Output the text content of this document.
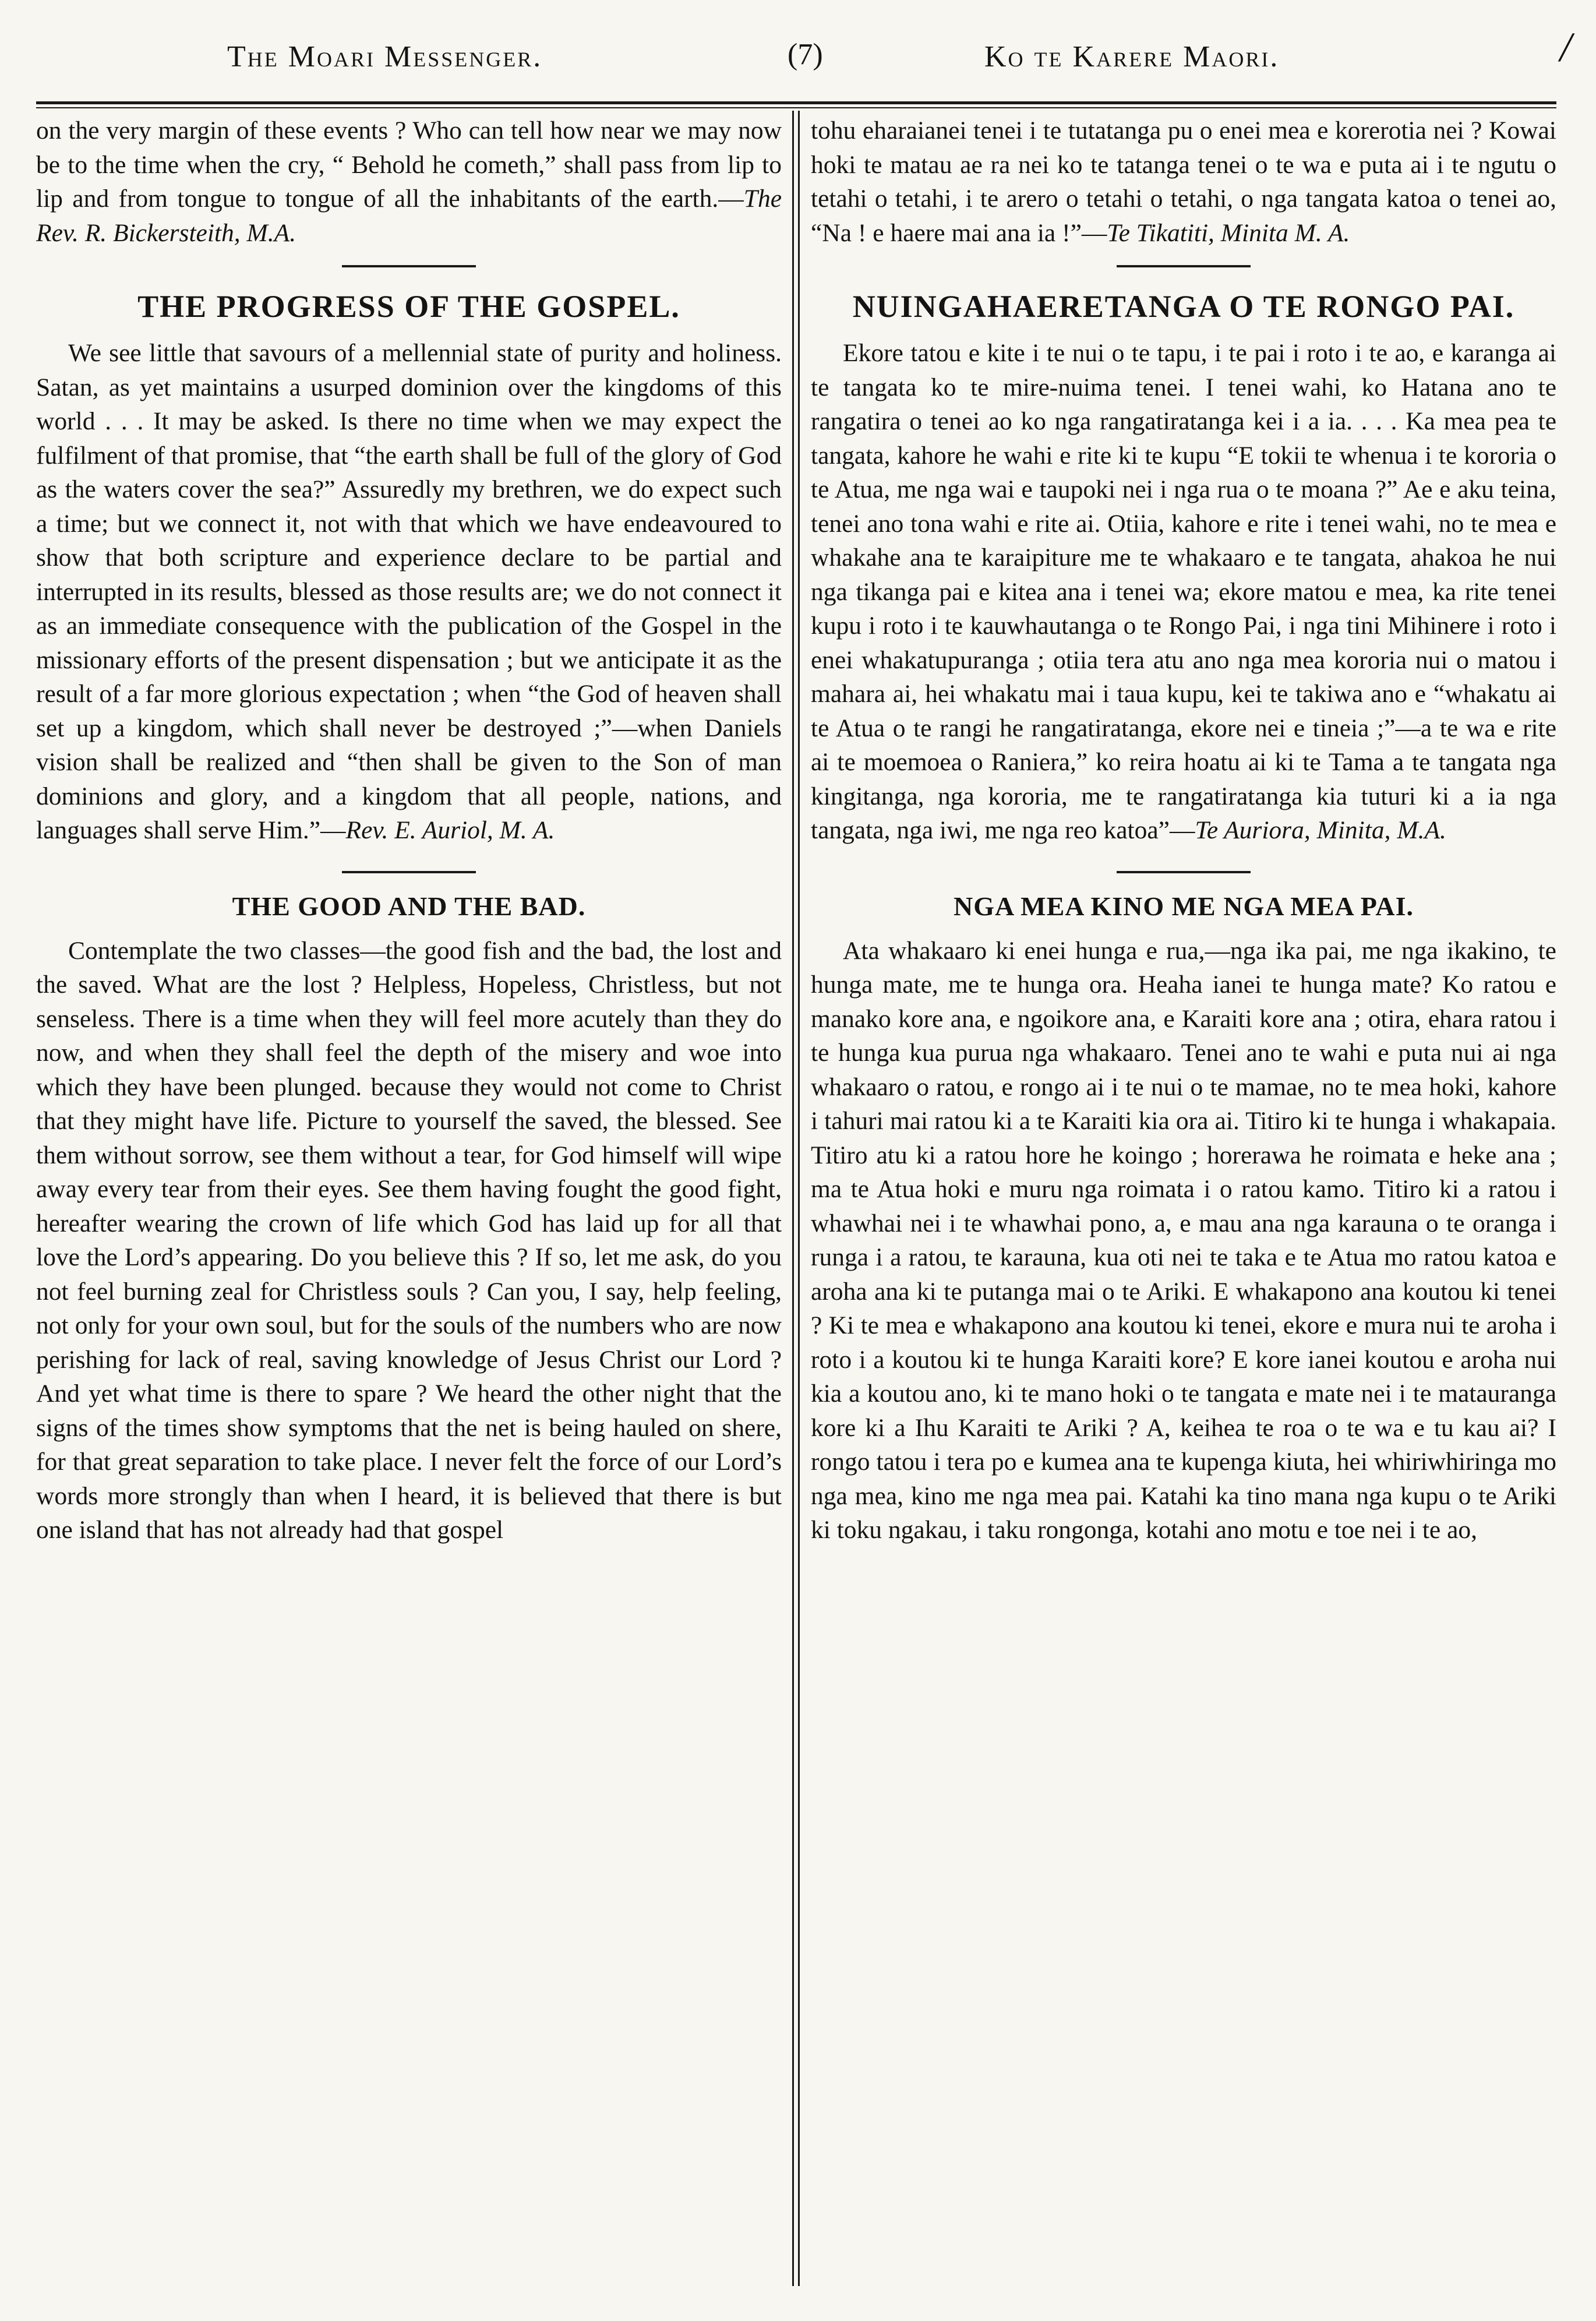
The Moari Messenger.	(7)	Ko te Karere Maori.	/

on the very margin of these events ? Who can tell how near we may now be to the time when the cry, “ Behold he cometh,” shall pass from lip to lip and from tongue to tongue of all the inhabitants of the earth.—The Rev. R. Bickersteith, M.A.

THE PROGRESS OF THE GOSPEL.

We see little that savours of a mellennial state of purity and holiness. Satan, as yet maintains a usurped dominion over the kingdoms of this world . . . It may be asked. Is there no time when we may expect the fulfilment of that promise, that “the earth shall be full of the glory of God as the waters cover the sea?” Assuredly my brethren, we do expect such a time; but we connect it, not with that which we have endeavoured to show that both scripture and experience declare to be partial and interrupted in its results, blessed as those results are; we do not connect it as an immediate consequence with the publication of the Gospel in the missionary efforts of the present dispensation ; but we anticipate it as the result of a far more glorious expectation ; when “the God of heaven shall set up a kingdom, which shall never be destroyed ;”—when Daniels vision shall be realized and “then shall be given to the Son of man dominions and glory, and a kingdom that all people, nations, and languages shall serve Him.”—Rev. E. Auriol, M. A.

THE GOOD AND THE BAD.

Contemplate the two classes—the good fish and the bad, the lost and the saved. What are the lost ? Helpless, Hopeless, Christless, but not senseless. There is a time when they will feel more acutely than they do now, and when they shall feel the depth of the misery and woe into which they have been plunged. because they would not come to Christ that they might have life. Picture to yourself the saved, the blessed. See them without sorrow, see them without a tear, for God himself will wipe away every tear from their eyes. See them having fought the good fight, hereafter wearing the crown of life which God has laid up for all that love the Lord’s appearing. Do you believe this ? If so, let me ask, do you not feel burning zeal for Christless souls ? Can you, I say, help feeling, not only for your own soul, but for the souls of the numbers who are now perishing for lack of real, saving knowledge of Jesus Christ our Lord ? And yet what time is there to spare ? We heard the other night that the signs of the times show symptoms that the net is being hauled on shere, for that great separation to take place. I never felt the force of our Lord’s words more strongly than when I heard, it is believed that there is but one island that has not already had that gospel

tohu eharaianei tenei i te tutatanga pu o enei mea e korerotia nei ? Kowai hoki te matau ae ra nei ko te tatanga tenei o te wa e puta ai i te ngutu o tetahi o tetahi, i te arero o tetahi o tetahi, o nga tangata katoa o tenei ao, “Na ! e haere mai ana ia !”—Te Tikatiti, Minita M. A.

NUINGAHAERETANGA O TE RONGO PAI.

Ekore tatou e kite i te nui o te tapu, i te pai i roto i te ao, e karanga ai te tangata ko te mire-nuima tenei. I tenei wahi, ko Hatana ano te rangatira o tenei ao ko nga rangatiratanga kei i a ia. . . . Ka mea pea te tangata, kahore he wahi e rite ki te kupu “E tokii te whenua i te kororia o te Atua, me nga wai e taupoki nei i nga rua o te moana ?” Ae e aku teina, tenei ano tona wahi e rite ai. Otiia, kahore e rite i tenei wahi, no te mea e whakahe ana te karaipiture me te whakaaro e te tangata, ahakoa he nui nga tikanga pai e kitea ana i tenei wa; ekore matou e mea, ka rite tenei kupu i roto i te kauwhautanga o te Rongo Pai, i nga tini Mihinere i roto i enei whakatupuranga ; otiia tera atu ano nga mea kororia nui o matou i mahara ai, hei whakatu mai i taua kupu, kei te takiwa ano e “whakatu ai te Atua o te rangi he rangatiratanga, ekore nei e tineia ;”—a te wa e rite ai te moemoea o Raniera,” ko reira hoatu ai ki te Tama a te tangata nga kingitanga, nga kororia, me te rangatiratanga kia tuturi ki a ia nga tangata, nga iwi, me nga reo katoa”—Te Auriora, Minita, M.A.

NGA MEA KINO ME NGA MEA PAI.

Ata whakaaro ki enei hunga e rua,—nga ika pai, me nga ikakino, te hunga mate, me te hunga ora. Heaha ianei te hunga mate? Ko ratou e manako kore ana, e ngoikore ana, e Karaiti kore ana ; otira, ehara ratou i te hunga kua purua nga whakaaro. Tenei ano te wahi e puta nui ai nga whakaaro o ratou, e rongo ai i te nui o te mamae, no te mea hoki, kahore i tahuri mai ratou ki a te Karaiti kia ora ai. Titiro ki te hunga i whakapaia. Titiro atu ki a ratou hore he koingo ; horerawa he roimata e heke ana ; ma te Atua hoki e muru nga roimata i o ratou kamo. Titiro ki a ratou i whawhai nei i te whawhai pono, a, e mau ana nga karauna o te oranga i runga i a ratou, te karauna, kua oti nei te taka e te Atua mo ratou katoa e aroha ana ki te putanga mai o te Ariki. E whakapono ana koutou ki tenei ? Ki te mea e whakapono ana koutou ki tenei, ekore e mura nui te aroha i roto i a koutou ki te hunga Karaiti kore? E kore ianei koutou e aroha nui kia a koutou ano, ki te mano hoki o te tangata e mate nei i te matauranga kore ki a Ihu Karaiti te Ariki ? A, keihea te roa o te wa e tu kau ai? I rongo tatou i tera po e kumea ana te kupenga kiuta, hei whiriwhiringa mo nga mea, kino me nga mea pai. Katahi ka tino mana nga kupu o te Ariki ki toku ngakau, i taku rongonga, kotahi ano motu e toe nei i te ao,
